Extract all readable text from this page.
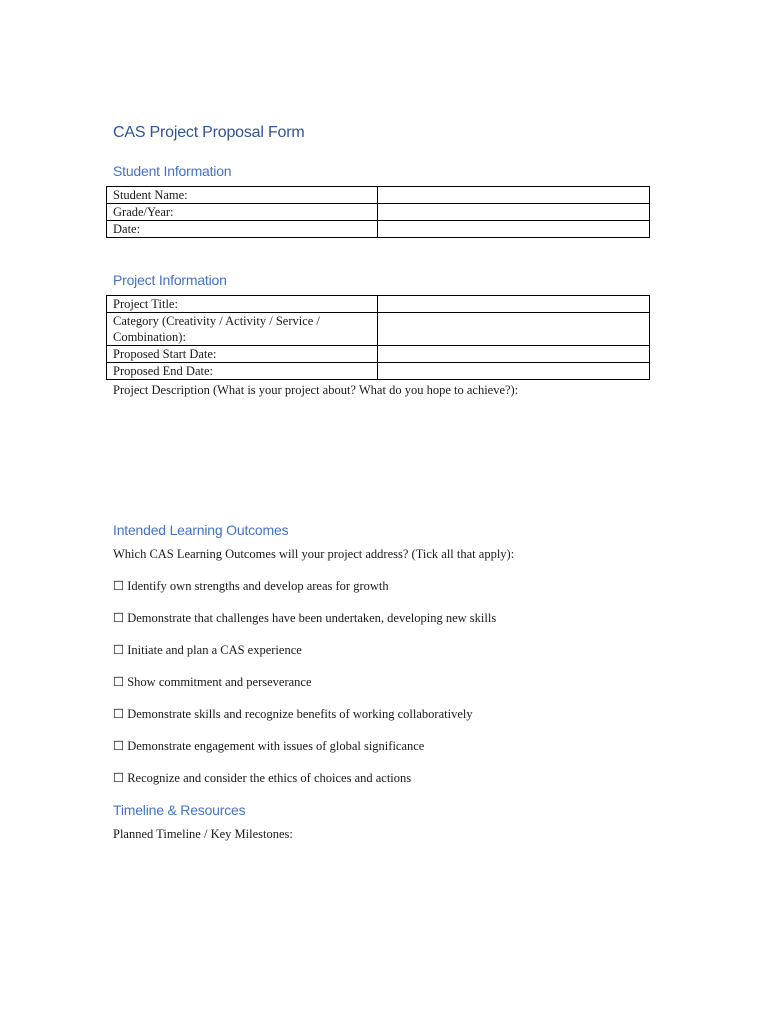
CAS Project Proposal Form
Student Information
Student Name:	
Grade/Year:	
Date:	
Project Information
Project Title:	
Category (Creativity / Activity / Service / Combination):	
Proposed Start Date:	
Proposed End Date:	
Project Description (What is your project about? What do you hope to achieve?):
Intended Learning Outcomes
Which CAS Learning Outcomes will your project address? (Tick all that apply):
☐ Identify own strengths and develop areas for growth
☐ Demonstrate that challenges have been undertaken, developing new skills
☐ Initiate and plan a CAS experience
☐ Show commitment and perseverance
☐ Demonstrate skills and recognize benefits of working collaboratively
☐ Demonstrate engagement with issues of global significance
☐ Recognize and consider the ethics of choices and actions
Timeline & Resources
Planned Timeline / Key Milestones:
